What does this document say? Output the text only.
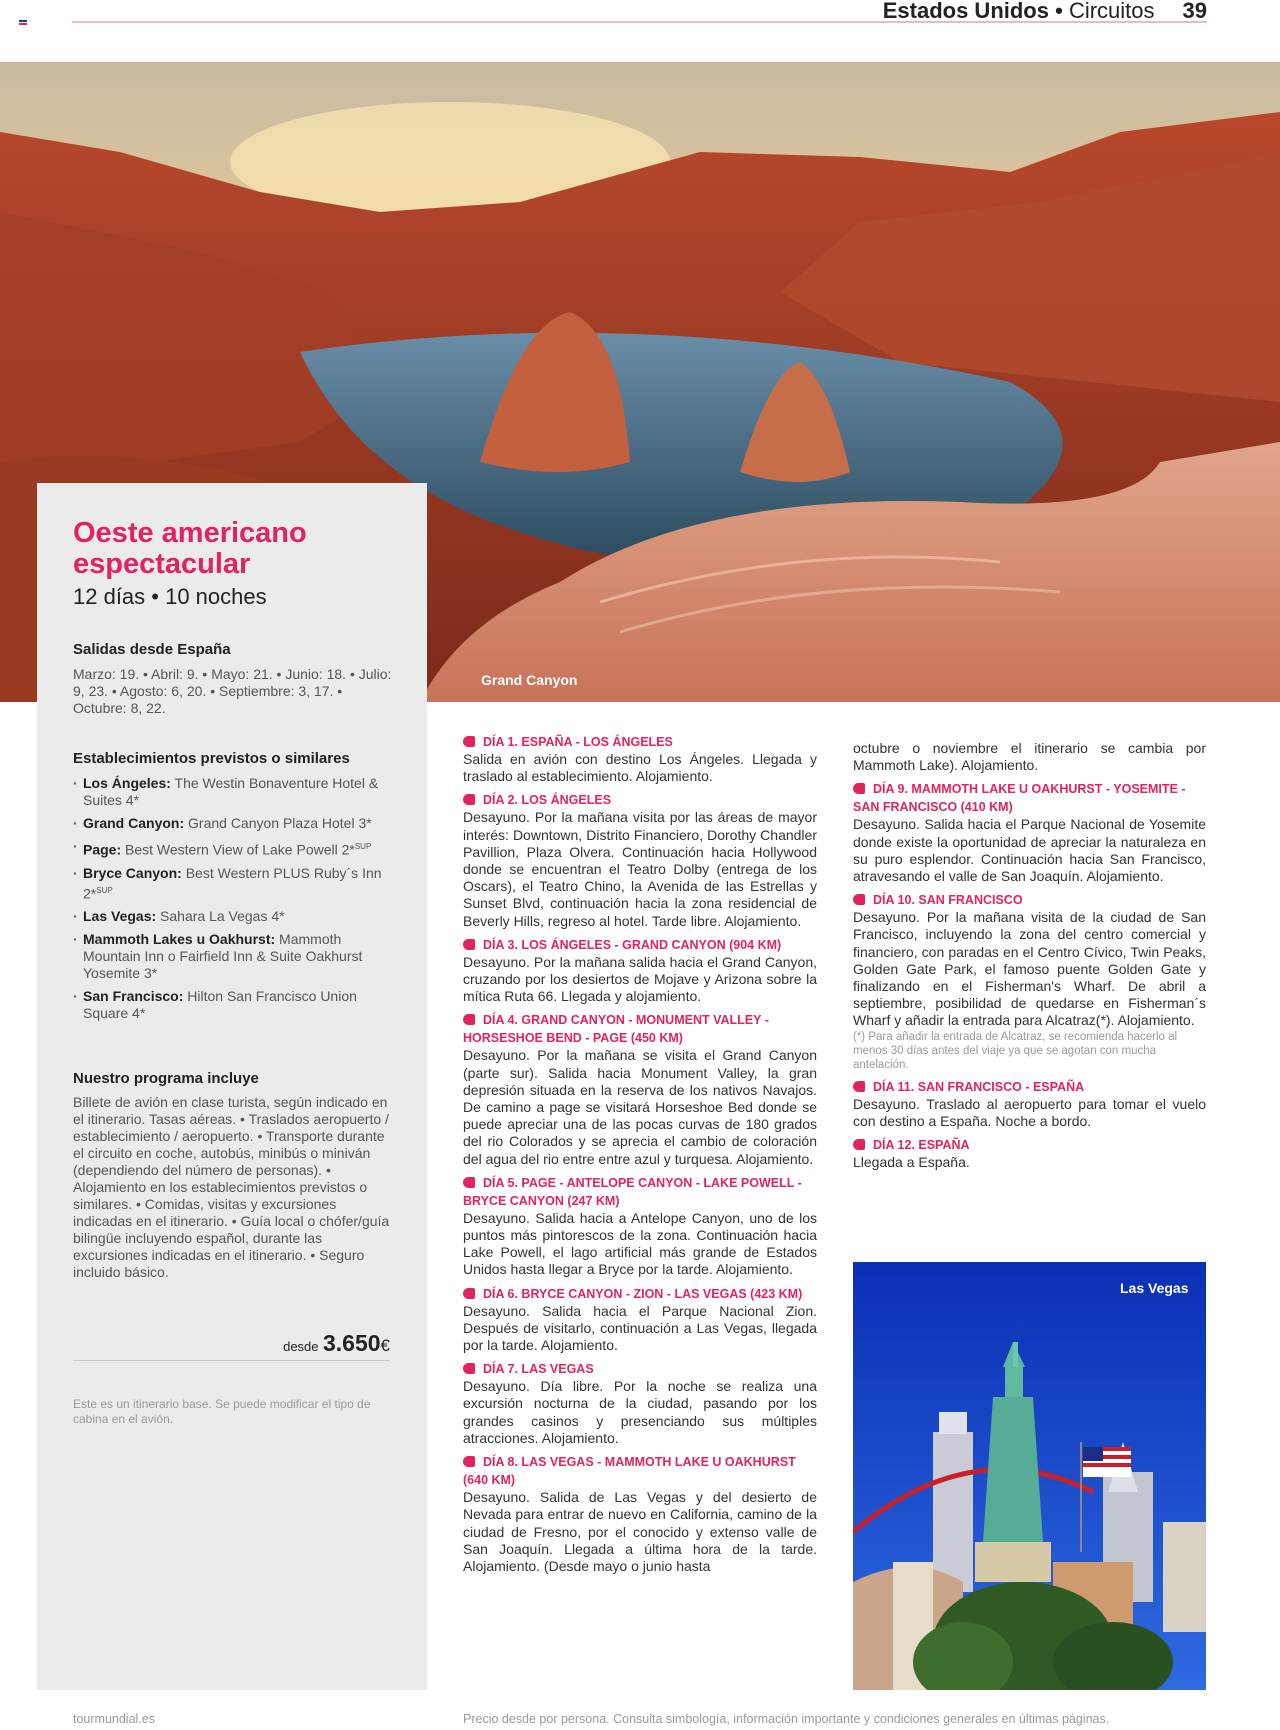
Estados Unidos • Circuitos 39
Grand Canyon
Oeste americano espectacular
12 días • 10 noches
Salidas desde España
Marzo: 19. • Abril: 9. • Mayo: 21. • Junio: 18. • Julio: 9, 23. • Agosto: 6, 20. • Septiembre: 3, 17. • Octubre: 8, 22.
Establecimientos previstos o similares
· Los Ángeles: The Westin Bonaventure Hotel & Suites 4*
· Grand Canyon: Grand Canyon Plaza Hotel 3*
· Page: Best Western View of Lake Powell 2*$^{SUP}$
· Bryce Canyon: Best Western PLUS Ruby´s Inn 2*$^{SUP}$
· Las Vegas: Sahara La Vegas 4*
· Mammoth Lakes u Oakhurst: Mammoth Mountain Inn o Fairfield Inn & Suite Oakhurst Yosemite 3*
· San Francisco: Hilton San Francisco Union Square 4*
Nuestro programa incluye
Billete de avión en clase turista, según indicado en el itinerario. Tasas aéreas. • Traslados aeropuerto / establecimiento / aeropuerto. • Transporte durante el circuito en coche, autobús, minibús o miniván (dependiendo del número de personas). • Alojamiento en los establecimientos previstos o similares. • Comidas, visitas y excursiones indicadas en el itinerario. • Guía local o chófer/guía bilingüe incluyendo español, durante las excursiones indicadas en el itinerario. • Seguro incluido básico.
desde 3.650€
Este es un itinerario base. Se puede modificar el tipo de cabina en el avión.
DÍA 1. ESPAÑA - LOS ÁNGELES

Salida en avión con destino Los Ángeles. Llegada y traslado al establecimiento. Alojamiento.

DÍA 2. LOS ÁNGELES

Desayuno. Por la mañana visita por las áreas de mayor interés: Downtown, Distrito Financiero, Dorothy Chandler Pavillion, Plaza Olvera. Continuación hacia Hollywood donde se encuentran el Teatro Dolby (entrega de los Oscars), el Teatro Chino, la Avenida de las Estrellas y Sunset Blvd, continuación hacia la zona residencial de Beverly Hills, regreso al hotel. Tarde libre. Alojamiento.

DÍA 3. LOS ÁNGELES - GRAND CANYON (904 KM)

Desayuno. Por la mañana salida hacia el Grand Canyon, cruzando por los desiertos de Mojave y Arizona sobre la mítica Ruta 66. Llegada y alojamiento.

DÍA 4. GRAND CANYON - MONUMENT VALLEY - HORSESHOE BEND - PAGE (450 KM)

Desayuno. Por la mañana se visita el Grand Canyon (parte sur). Salida hacia Monument Valley, la gran depresión situada en la reserva de los nativos Navajos. De camino a page se visitará Horseshoe Bed donde se puede apreciar una de las pocas curvas de 180 grados del rio Colorados y se aprecia el cambio de coloración del agua del rio entre entre azul y turquesa. Alojamiento.

DÍA 5. PAGE - ANTELOPE CANYON - LAKE POWELL - BRYCE CANYON (247 KM)

Desayuno. Salida hacia a Antelope Canyon, uno de los puntos más pintorescos de la zona. Continuación hacia Lake Powell, el lago artificial más grande de Estados Unidos hasta llegar a Bryce por la tarde. Alojamiento.

DÍA 6. BRYCE CANYON - ZION - LAS VEGAS (423 KM)

Desayuno. Salida hacia el Parque Nacional Zion. Después de visitarlo, continuación a Las Vegas, llegada por la tarde. Alojamiento.

DÍA 7. LAS VEGAS

Desayuno. Día libre. Por la noche se realiza una excursión nocturna de la ciudad, pasando por los grandes casinos y presenciando sus múltiples atracciones. Alojamiento.

DÍA 8. LAS VEGAS - MAMMOTH LAKE U OAKHURST (640 KM)

Desayuno. Salida de Las Vegas y del desierto de Nevada para entrar de nuevo en California, camino de la ciudad de Fresno, por el conocido y extenso valle de San Joaquín. Llegada a última hora de la tarde. Alojamiento. (Desde mayo o junio hasta

octubre o noviembre el itinerario se cambia por Mammoth Lake). Alojamiento.

DÍA 9. MAMMOTH LAKE U OAKHURST - YOSEMITE - SAN FRANCISCO (410 KM)

Desayuno. Salida hacia el Parque Nacional de Yosemite donde existe la oportunidad de apreciar la naturaleza en su puro esplendor. Continuación hacia San Francisco, atravesando el valle de San Joaquín. Alojamiento.

DÍA 10. SAN FRANCISCO

Desayuno. Por la mañana visita de la ciudad de San Francisco, incluyendo la zona del centro comercial y financiero, con paradas en el Centro Cívico, Twin Peaks, Golden Gate Park, el famoso puente Golden Gate y finalizando en el Fisherman's Wharf. De abril a septiembre, posibilidad de quedarse en Fisherman´s Wharf y añadir la entrada para Alcatraz(*). Alojamiento.

(*) Para añadir la entrada de Alcatraz, se recomienda hacerlo al menos 30 días antes del viaje ya que se agotan con mucha antelación.

DÍA 11. SAN FRANCISCO - ESPAÑA

Desayuno. Traslado al aeropuerto para tomar el vuelo con destino a España. Noche a bordo.

DÍA 12. ESPAÑA

Llegada a España.

Las Vegas
tourmundial.es	Precio desde por persona. Consulta simbología, información importante y condiciones generales en últimas páginas.
